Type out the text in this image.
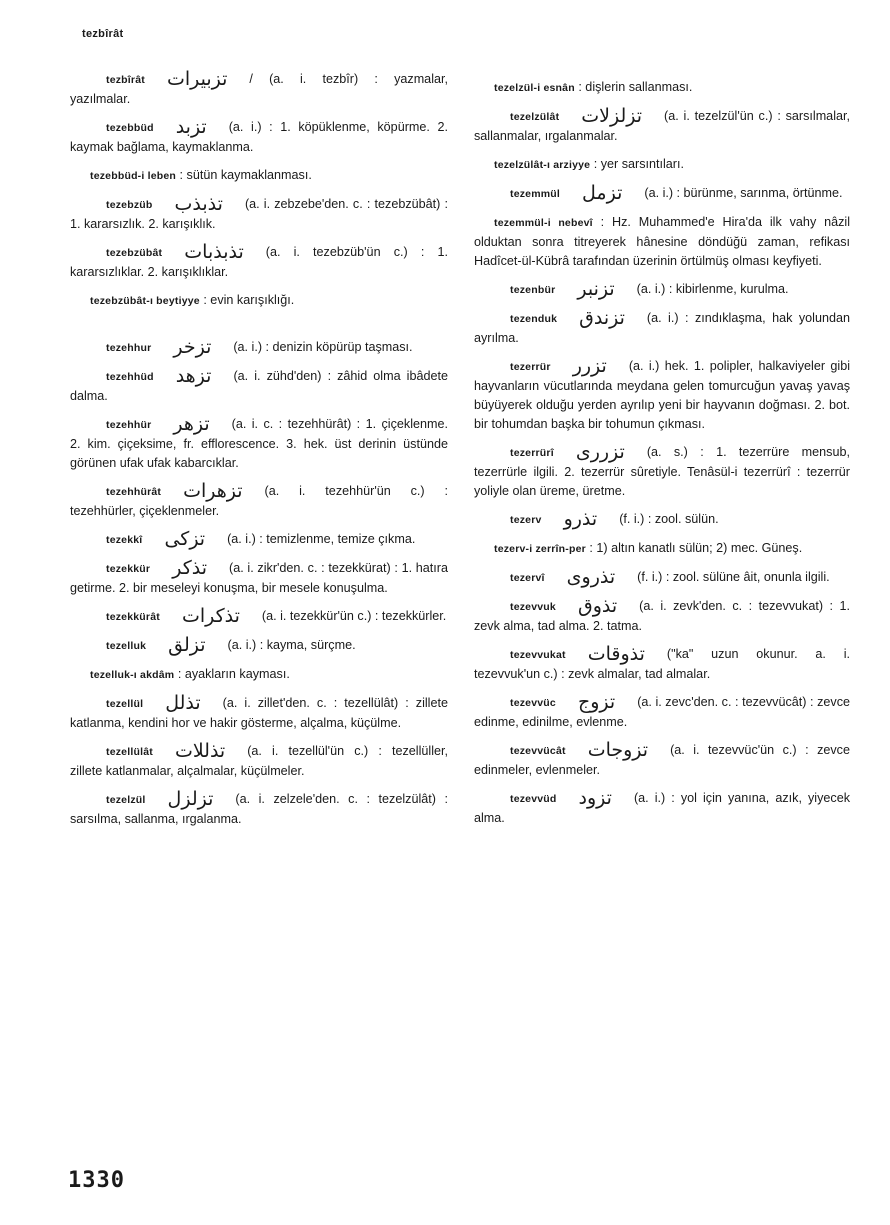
tezbîrât
tezbîrât تزبيرات / (a. i. tezbîr) : yazmalar, yazılmalar.
tezebbüd تزبد (a. i.) : 1. köpüklenme, köpürme. 2. kaymak bağlama, kaymaklanma.
tezebbüd-i leben : sütün kaymaklanması.
tezebzüb تذبذب (a. i. zebzebe'den. c. : tezebzübât) : 1. kararsızlık. 2. karışıklık.
tezebzübât تذبذبات (a. i. tezebzüb'ün c.) : 1. kararsızlıklar. 2. karışıklıklar.
tezebzübât-ı beytiyye : evin karışıklığı.
tezehhur تزخر (a. i.) : denizin köpürüp taşması.
tezehhüd تزهد (a. i. zühd'den) : zâhid olma ibâdete dalma.
tezehhür تزهر (a. i. c. : tezehhürât) : 1. çiçeklenme. 2. kim. çiçeksime, fr. efflorescence. 3. hek. üst derinin üstünde görünen ufak ufak kabarcıklar.
tezehhürât تزهرات (a. i. tezehhür'ün c.) : tezehhürler, çiçeklenmeler.
tezekkî تزكى (a. i.) : temizlenme, temize çıkma.
tezekkür تذكر (a. i. zikr'den. c. : tezekkürat) : 1. hatıra getirme. 2. bir meseleyi konuşma, bir mesele konuşulma.
tezekkürât تذكرات (a. i. tezekkür'ün c.) : tezekkürler.
tezelluk تزلق (a. i.) : kayma, sürçme.
tezelluk-ı akdâm : ayakların kayması.
tezellül تذلل (a. i. zillet'den. c. : tezellülât) : zillete katlanma, kendini hor ve hakir gösterme, alçalma, küçülme.
tezellülât تذللات (a. i. tezellül'ün c.) : tezellüller, zillete katlanmalar, alçalmalar, küçülmeler.
tezelzül تزلزل (a. i. zelzele'den. c. : tezelzülât) : sarsılma, sallanma, ırgalanma.
tezelzül-i esnân : dişlerin sallanması.
tezelzülât تزلزلات (a. i. tezelzül'ün c.) : sarsılmalar, sallanmalar, ırgalanmalar.
tezelzülât-ı arziyye : yer sarsıntıları.
tezemmül تزمل (a. i.) : bürünme, sarınma, örtünme.
tezemmül-i nebevî : Hz. Muhammed'e Hira'da ilk vahy nâzil olduktan sonra titreyerek hânesine döndüğü zaman, refikası Hadîcet-ül-Kübrâ tarafından üzerinin örtülmüş olması keyfiyeti.
tezenbür تزنبر (a. i.) : kibirlenme, kurulma.
tezenduk تزندق (a. i.) : zındıklaşma, hak yolundan ayrılma.
tezerrür تزرر (a. i.) hek. 1. polipler, halkaviyeler gibi hayvanların vücutlarında meydana gelen tomurcuğun yavaş yavaş büyüyerek olduğu yerden ayrılıp yeni bir hayvanın doğması. 2. bot. bir tohumdan başka bir tohumun çıkması.
tezerrürî تزررى (a. s.) : 1. tezerrüre mensub, tezerrürle ilgili. 2. tezerrür sûretiyle. Tenâsül-i tezerrürî : tezerrür yoliyle olan üreme, üretme.
tezerv تذرو (f. i.) : zool. sülün.
tezerv-i zerrîn-per : 1) altın kanatlı sülün; 2) mec. Güneş.
tezervî تذروى (f. i.) : zool. sülüne âit, onunla ilgili.
tezevvuk تذوق (a. i. zevk'den. c. : tezevvukat) : 1. zevk alma, tad alma. 2. tatma.
tezevvukat تذوقات ("ka" uzun okunur. a. i. tezevvuk'un c.) : zevk almalar, tad almalar.
tezevvüc تزوج (a. i. zevc'den. c. : tezevvücât) : zevce edinme, edinilme, evlenme.
tezevvücât تزوجات (a. i. tezevvüc'ün c.) : zevce edinmeler, evlenmeler.
tezevvüd تزود (a. i.) : yol için yanına, azık, yiyecek alma.
1330
